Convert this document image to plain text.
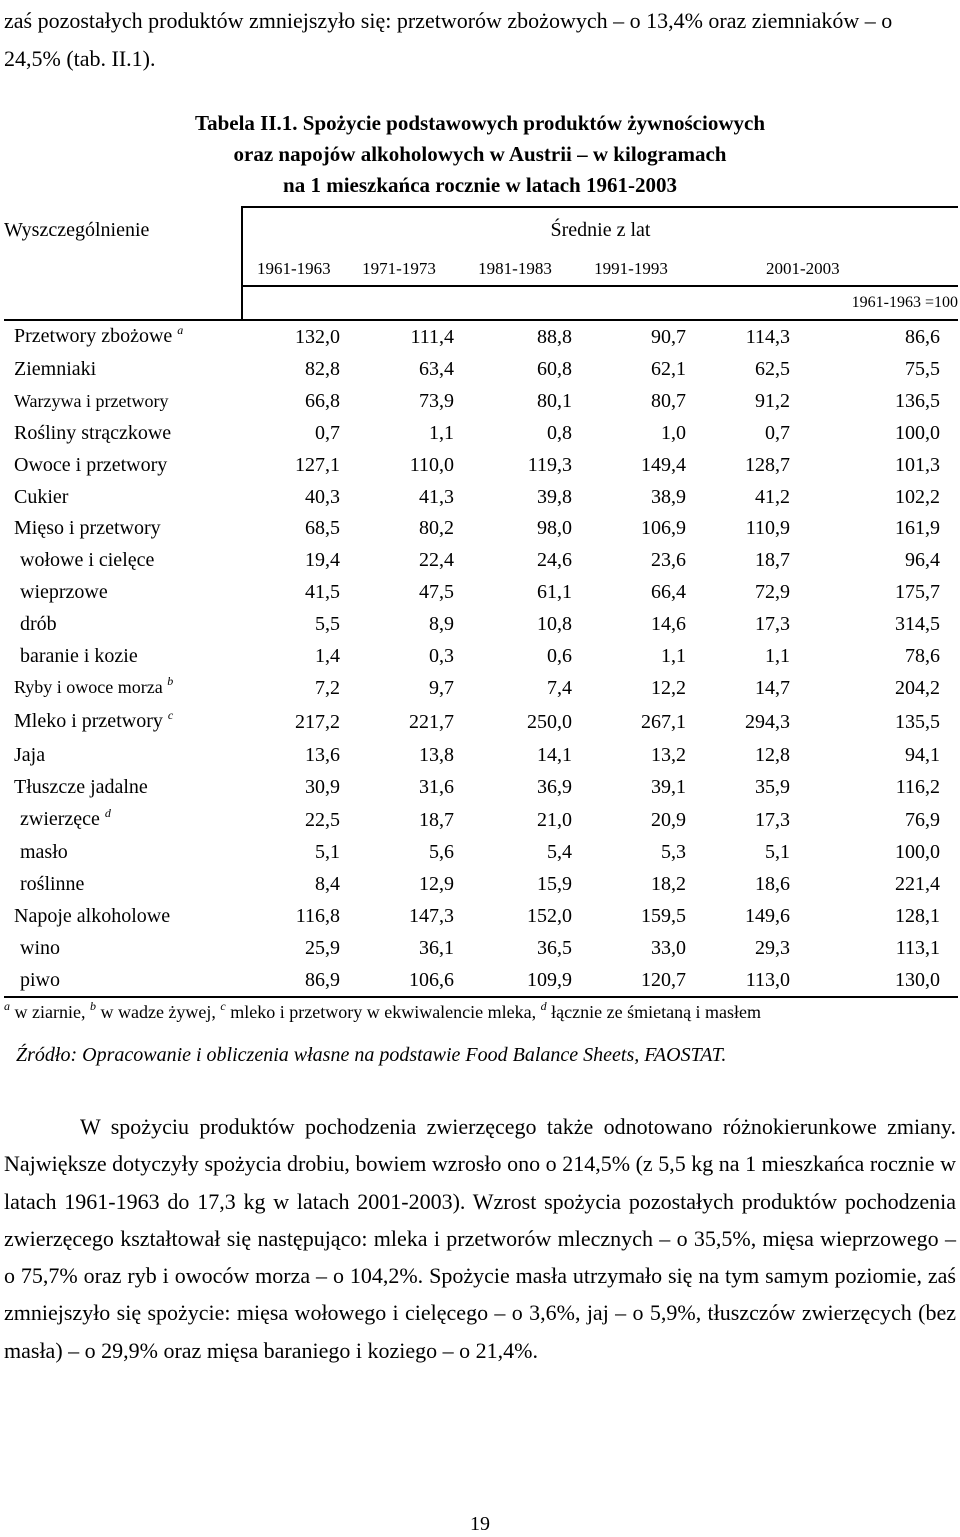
zaś pozostałych produktów zmniejszyło się: przetworów zbożowych – o 13,4% oraz ziemniaków – o 24,5% (tab. II.1).
Tabela II.1. Spożycie podstawowych produktów żywnościowych
oraz napojów alkoholowych w Austrii – w kilogramach
na 1 mieszkańca rocznie w latach 1961-2003
Wyszczególnienie	Średnie z lat					
	1961-1963	1971-1973	1981-1983	1991-1993	2001-2003	
						1961-1963 =100
Przetwory zbożowe $^a$	132,0	111,4	88,8	90,7	114,3	86,6
Ziemniaki	82,8	63,4	60,8	62,1	62,5	75,5
Warzywa i przetwory	66,8	73,9	80,1	80,7	91,2	136,5
Rośliny strączkowe	0,7	1,1	0,8	1,0	0,7	100,0
Owoce i przetwory	127,1	110,0	119,3	149,4	128,7	101,3
Cukier	40,3	41,3	39,8	38,9	41,2	102,2
Mięso i przetwory	68,5	80,2	98,0	106,9	110,9	161,9
wołowe i cielęce	19,4	22,4	24,6	23,6	18,7	96,4
wieprzowe	41,5	47,5	61,1	66,4	72,9	175,7
drób	5,5	8,9	10,8	14,6	17,3	314,5
baranie i kozie	1,4	0,3	0,6	1,1	1,1	78,6
Ryby i owoce morza $^b$	7,2	9,7	7,4	12,2	14,7	204,2
Mleko i przetwory $^c$	217,2	221,7	250,0	267,1	294,3	135,5
Jaja	13,6	13,8	14,1	13,2	12,8	94,1
Tłuszcze jadalne	30,9	31,6	36,9	39,1	35,9	116,2
zwierzęce $^d$	22,5	18,7	21,0	20,9	17,3	76,9
masło	5,1	5,6	5,4	5,3	5,1	100,0
roślinne	8,4	12,9	15,9	18,2	18,6	221,4
Napoje alkoholowe	116,8	147,3	152,0	159,5	149,6	128,1
wino	25,9	36,1	36,5	33,0	29,3	113,1
piwo	86,9	106,6	109,9	120,7	113,0	130,0
$^a$ w ziarnie, $^b$ w wadze żywej, $^c$ mleko i przetwory w ekwiwalencie mleka, $^d$ łącznie ze śmietaną i masłem
Źródło: Opracowanie i obliczenia własne na podstawie Food Balance Sheets, FAOSTAT.

W spożyciu produktów pochodzenia zwierzęcego także odnotowano różnokierunkowe zmiany. Największe dotyczyły spożycia drobiu, bowiem wzrosło ono o 214,5% (z 5,5 kg na 1 mieszkańca rocznie w latach 1961-1963 do 17,3 kg w latach 2001-2003). Wzrost spożycia pozostałych produktów pochodzenia zwierzęcego kształtował się następująco: mleka i przetworów mlecznych – o 35,5%, mięsa wieprzowego – o 75,7% oraz ryb i owoców morza – o 104,2%. Spożycie masła utrzymało się na tym samym poziomie, zaś zmniejszyło się spożycie: mięsa wołowego i cielęcego – o 3,6%, jaj – o 5,9%, tłuszczów zwierzęcych (bez masła) – o 29,9% oraz mięsa baraniego i koziego – o 21,4%.

19
